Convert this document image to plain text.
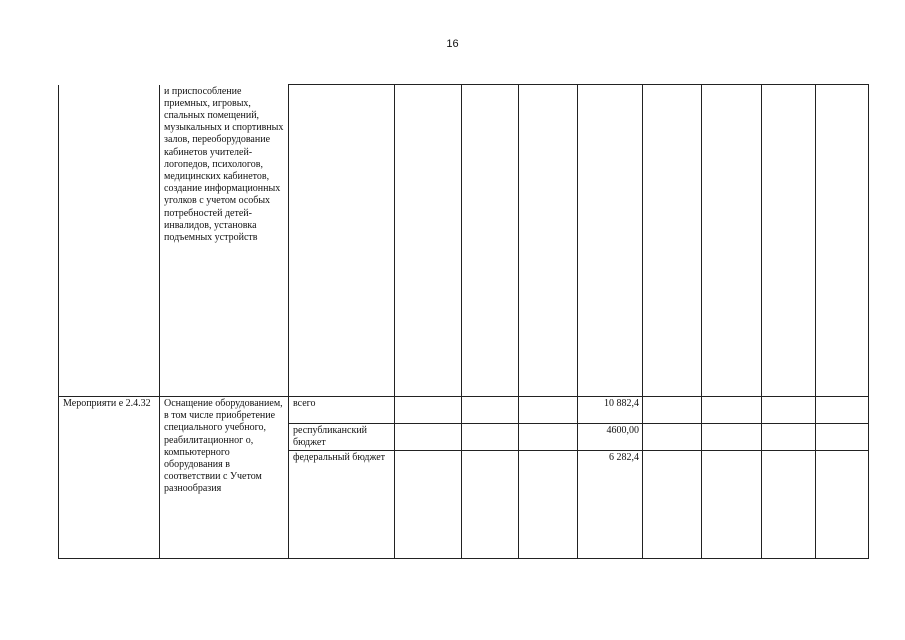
16
	и приспособление приемных, игровых, спальных помещений, музыкальных и спортивных залов, переоборудование кабинетов учителей-логопедов, психологов, медицинских кабинетов, создание информационных уголков с учетом особых потребностей детей-инвалидов, установка подъемных устройств									
Мероприяти е 2.4.32	Оснащение оборудованием, в том числе приобретение специального учебного, реабилитационног о, компьютерного оборудования в соответствии с Учетом разнообразия	всего				10 882,4				
		республиканский бюджет				4600,00				
		федеральный бюджет				6 282,4				
